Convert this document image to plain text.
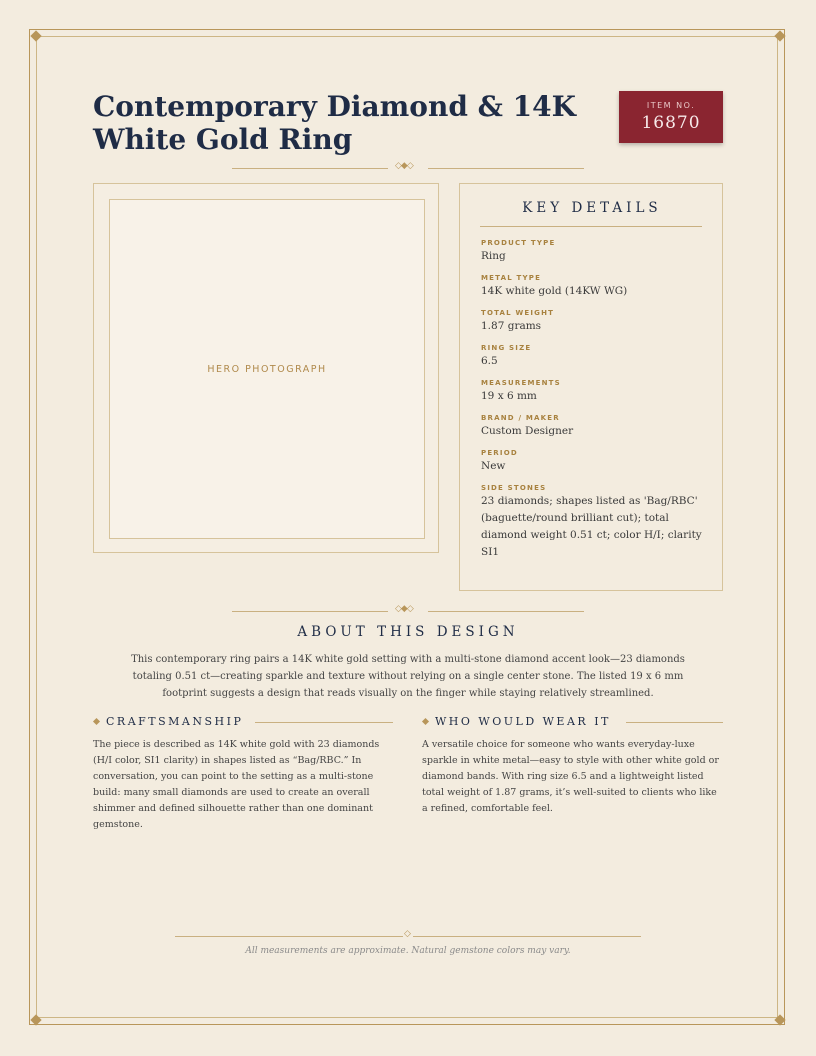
Contemporary Diamond & 14K White Gold Ring
ITEM NO.
16870
◇◆◇
HERO PHOTOGRAPH
KEY DETAILS
PRODUCT TYPE
Ring
METAL TYPE
14K white gold (14KW WG)
TOTAL WEIGHT
1.87 grams
RING SIZE
6.5
MEASUREMENTS
19 x 6 mm
BRAND / MAKER
Custom Designer
PERIOD
New
SIDE STONES
23 diamonds; shapes listed as 'Bag/RBC' (baguette/round brilliant cut); total diamond weight 0.51 ct; color H/I; clarity SI1
◇◆◇
ABOUT THIS DESIGN

This contemporary ring pairs a 14K white gold setting with a multi-stone diamond accent look—23 diamonds totaling 0.51 ct—creating sparkle and texture without relying on a single center stone. The listed 19 x 6 mm footprint suggests a design that reads visually on the finger while staying relatively streamlined.

CRAFTSMANSHIP

The piece is described as 14K white gold with 23 diamonds (H/I color, SI1 clarity) in shapes listed as “Bag/RBC.” In conversation, you can point to the setting as a multi-stone build: many small diamonds are used to create an overall shimmer and defined silhouette rather than one dominant gemstone.

WHO WOULD WEAR IT

A versatile choice for someone who wants everyday-luxe sparkle in white metal—easy to style with other white gold or diamond bands. With ring size 6.5 and a lightweight listed total weight of 1.87 grams, it’s well-suited to clients who like a refined, comfortable feel.

◇
All measurements are approximate. Natural gemstone colors may vary.
